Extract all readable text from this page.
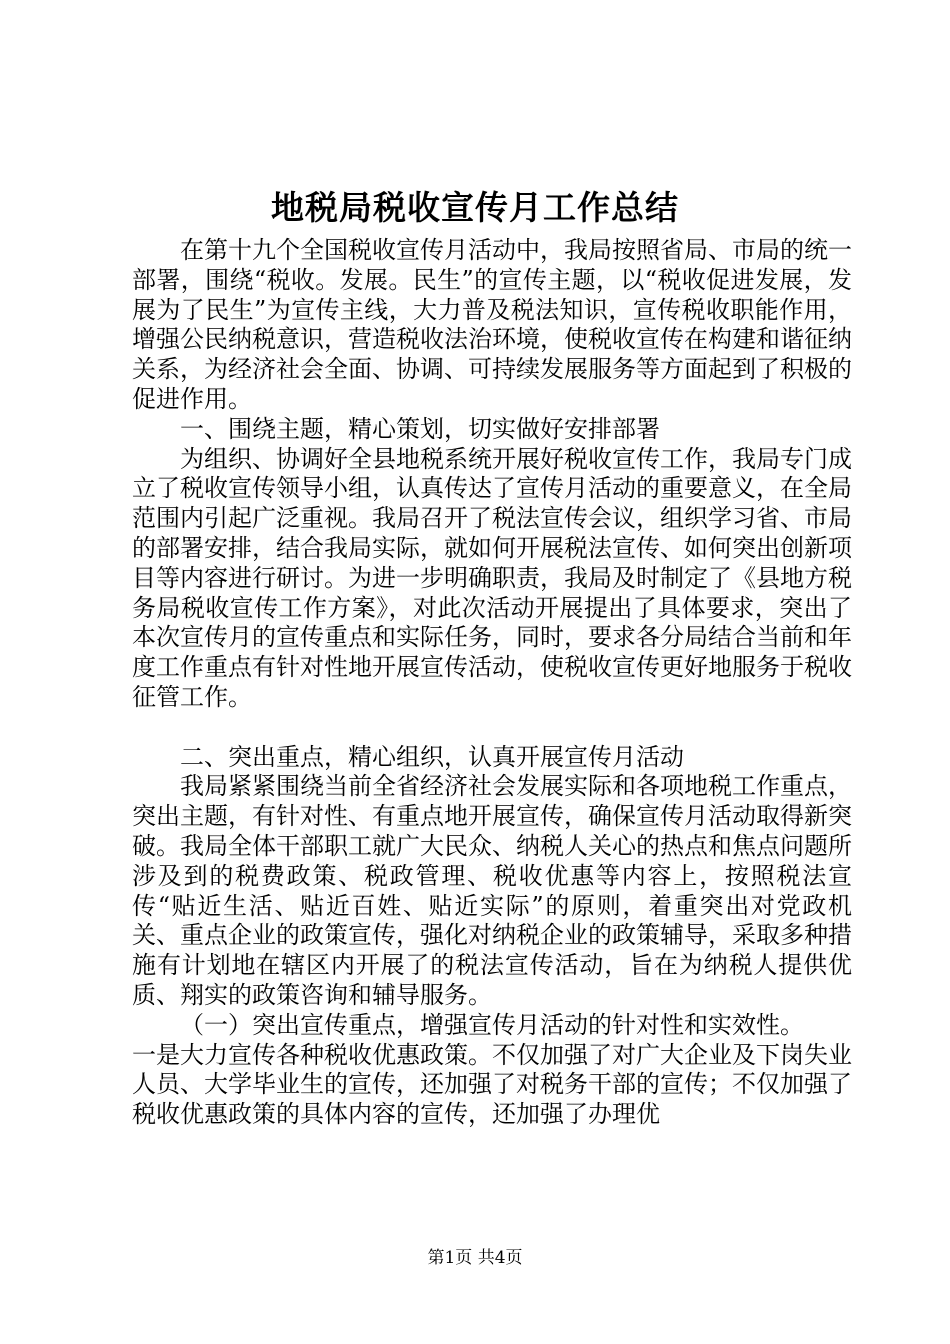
地税局税收宣传月工作总结

在第十九个全国税收宣传月活动中，我局按照省局、市局的统一部署，围绕“税收。发展。民生”的宣传主题，以“税收促进发展，发展为了民生”为宣传主线，大力普及税法知识，宣传税收职能作用，增强公民纳税意识，营造税收法治环境，使税收宣传在构建和谐征纳关系，为经济社会全面、协调、可持续发展服务等方面起到了积极的促进作用。

一、围绕主题，精心策划，切实做好安排部署

为组织、协调好全县地税系统开展好税收宣传工作，我局专门成立了税收宣传领导小组，认真传达了宣传月活动的重要意义，在全局范围内引起广泛重视。我局召开了税法宣传会议，组织学习省、市局的部署安排，结合我局实际，就如何开展税法宣传、如何突出创新项目等内容进行研讨。为进一步明确职责，我局及时制定了《县地方税务局税收宣传工作方案》，对此次活动开展提出了具体要求，突出了本次宣传月的宣传重点和实际任务，同时，要求各分局结合当前和年度工作重点有针对性地开展宣传活动，使税收宣传更好地服务于税收征管工作。

二、突出重点，精心组织，认真开展宣传月活动

我局紧紧围绕当前全省经济社会发展实际和各项地税工作重点，突出主题，有针对性、有重点地开展宣传，确保宣传月活动取得新突破。我局全体干部职工就广大民众、纳税人关心的热点和焦点问题所涉及到的税费政策、税政管理、税收优惠等内容上，按照税法宣传“贴近生活、贴近百姓、贴近实际”的原则，着重突出对党政机关、重点企业的政策宣传，强化对纳税企业的政策辅导，采取多种措施有计划地在辖区内开展了的税法宣传活动，旨在为纳税人提供优质、翔实的政策咨询和辅导服务。

（一）突出宣传重点，增强宣传月活动的针对性和实效性。

一是大力宣传各种税收优惠政策。不仅加强了对广大企业及下岗失业人员、大学毕业生的宣传，还加强了对税务干部的宣传；不仅加强了税收优惠政策的具体内容的宣传，还加强了办理优

第1页 共4页
